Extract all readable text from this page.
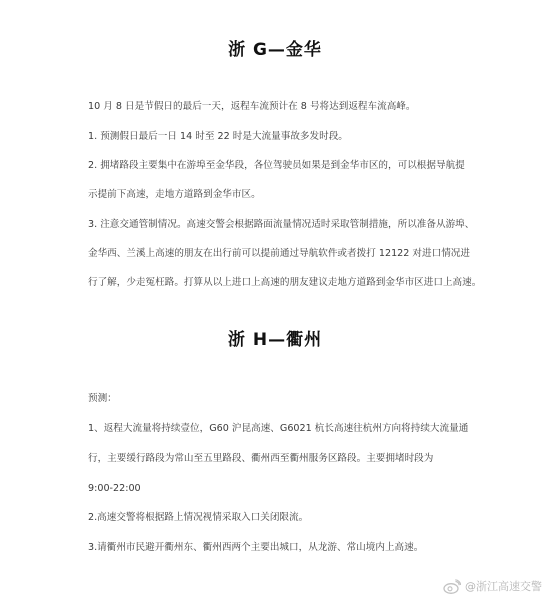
浙 G—金华

10 月 8 日是节假日的最后一天，返程车流预计在 8 号将达到返程车流高峰。

1. 预测假日最后一日 14 时至 22 时是大流量事故多发时段。

2. 拥堵路段主要集中在游埠至金华段，各位驾驶员如果是到金华市区的，可以根据导航提

示提前下高速，走地方道路到金华市区。

3. 注意交通管制情况。高速交警会根据路面流量情况适时采取管制措施，所以准备从游埠、

金华西、兰溪上高速的朋友在出行前可以提前通过导航软件或者拨打 12122 对进口情况进

行了解，少走冤枉路。打算从以上进口上高速的朋友建议走地方道路到金华市区进口上高速。

浙 H—衢州

预测：

1、返程大流量将持续壹位，G60 沪昆高速、G6021 杭长高速往杭州方向将持续大流量通

行，主要缓行路段为常山至五里路段、衢州西至衢州服务区路段。主要拥堵时段为

9:00-22:00

2.高速交警将根据路上情况视情采取入口关闭限流。

3.请衢州市民避开衢州东、衢州西两个主要出城口，从龙游、常山境内上高速。

@浙江高速交警
